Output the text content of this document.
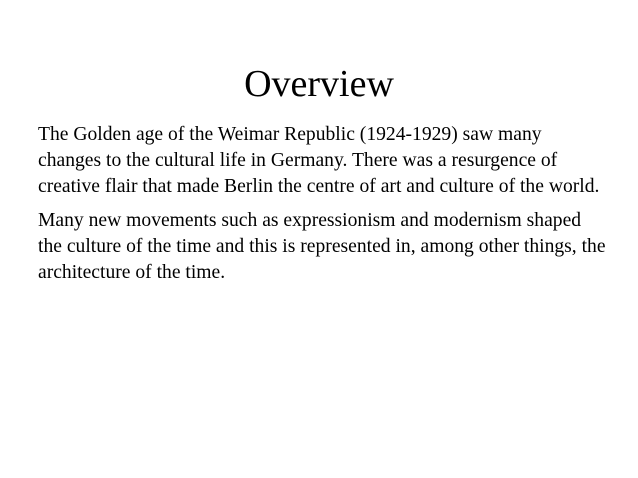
Overview

The Golden age of the Weimar Republic (1924-1929) saw many changes to the cultural life in Germany. There was a resurgence of creative flair that made Berlin the centre of art and culture of the world.

Many new movements such as expressionism and modernism shaped the culture of the time and this is represented in, among other things, the architecture of the time.
